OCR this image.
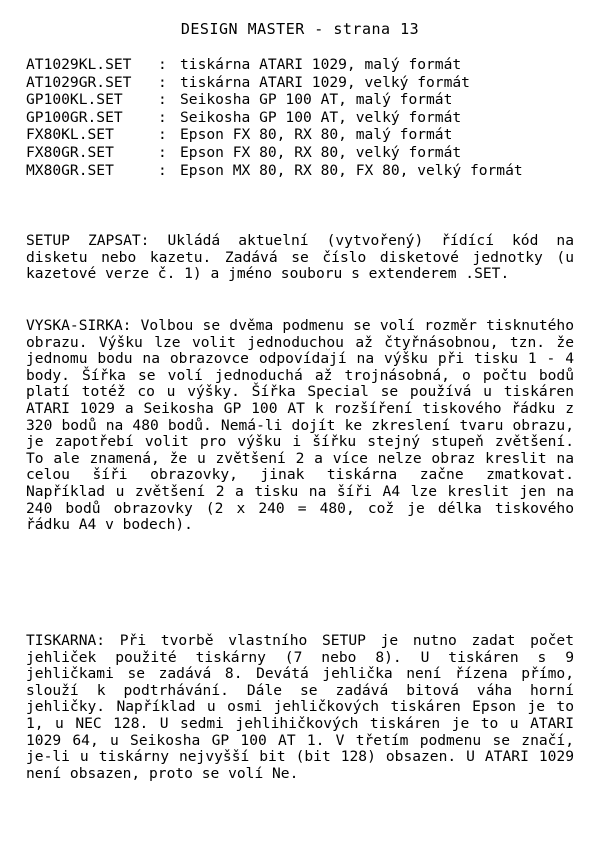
DESIGN MASTER - strana 13
AT1029KL.SET	: tiskárna ATARI 1029, malý formát
AT1029GR.SET	: tiskárna ATARI 1029, velký formát
GP100KL.SET	: Seikosha GP 100 AT, malý formát
GP100GR.SET	: Seikosha GP 100 AT, velký formát
FX80KL.SET	: Epson FX 80, RX 80, malý formát
FX80GR.SET	: Epson FX 80, RX 80, velký formát
MX80GR.SET	: Epson MX 80, RX 80, FX 80, velký formát
SETUP ZAPSAT: Ukládá aktuelní (vytvořený) řídící kód na disketu nebo kazetu. Zadává se číslo disketové jednotky (u kazetové verze č. 1) a jméno souboru s extenderem .SET.
VYSKA-SIRKA: Volbou se dvěma podmenu se volí rozměr tisknutého obrazu. Výšku lze volit jednoduchou až čtyřnásobnou, tzn. že jednomu bodu na obrazovce odpovídají na výšku při tisku 1 - 4 body. Šířka se volí jednoduchá až trojnásobná, o počtu bodů platí totéž co u výšky. Šířka Special se používá u tiskáren ATARI 1029 a Seikosha GP 100 AT k rozšíření tiskového řádku z 320 bodů na 480 bodů. Nemá-li dojít ke zkreslení tvaru obrazu, je zapotřebí volit pro výšku i šířku stejný stupeň zvětšení. To ale znamená, že u zvětšení 2 a více nelze obraz kreslit na celou šíři obrazovky, jinak tiskárna začne zmatkovat. Například u zvětšení 2 a tisku na šíři A4 lze kreslit jen na 240 bodů obrazovky (2 x 240 = 480, což je délka tiskového řádku A4 v bodech).
TISKARNA: Při tvorbě vlastního SETUP je nutno zadat počet jehliček použité tiskárny (7 nebo 8). U tiskáren s 9 jehličkami se zadává 8. Devátá jehlička není řízena přímo, slouží k podtrhávání. Dále se zadává bitová váha horní jehličky. Například u osmi jehličkových tiskáren Epson je to 1, u NEC 128. U sedmi jehlihičkových tiskáren je to u ATARI 1029 64, u Seikosha GP 100 AT 1. V třetím podmenu se značí, je-li u tiskárny nejvyšší bit (bit 128) obsazen. U ATARI 1029 není obsazen, proto se volí Ne.
